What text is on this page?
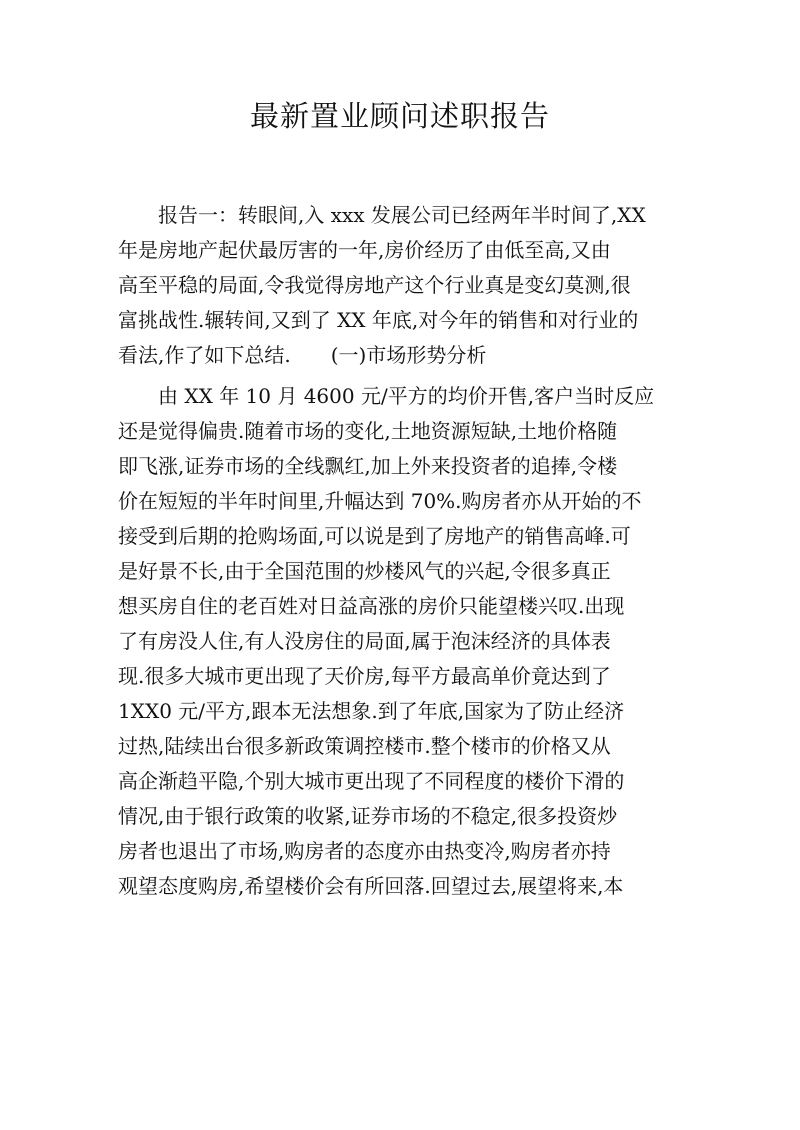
最新置业顾问述职报告
　　报告一：转眼间,入 xxx 发展公司已经两年半时间了,XX
年是房地产起伏最厉害的一年,房价经历了由低至高,又由
高至平稳的局面,令我觉得房地产这个行业真是变幻莫测,很
富挑战性.辗转间,又到了 XX 年底,对今年的销售和对行业的
看法,作了如下总结.　　(一)市场形势分析
　　由 XX 年 10 月 4600 元/平方的均价开售,客户当时反应
还是觉得偏贵.随着市场的变化,土地资源短缺,土地价格随
即飞涨,证券市场的全线飘红,加上外来投资者的追捧,令楼
价在短短的半年时间里,升幅达到 70%.购房者亦从开始的不
接受到后期的抢购场面,可以说是到了房地产的销售高峰.可
是好景不长,由于全国范围的炒楼风气的兴起,令很多真正
想买房自住的老百姓对日益高涨的房价只能望楼兴叹.出现
了有房没人住,有人没房住的局面,属于泡沫经济的具体表
现.很多大城市更出现了天价房,每平方最高单价竟达到了
1XX0 元/平方,跟本无法想象.到了年底,国家为了防止经济
过热,陆续出台很多新政策调控楼市.整个楼市的价格又从
高企渐趋平隐,个别大城市更出现了不同程度的楼价下滑的
情况,由于银行政策的收紧,证券市场的不稳定,很多投资炒
房者也退出了市场,购房者的态度亦由热变冷,购房者亦持
观望态度购房,希望楼价会有所回落.回望过去,展望将来,本
